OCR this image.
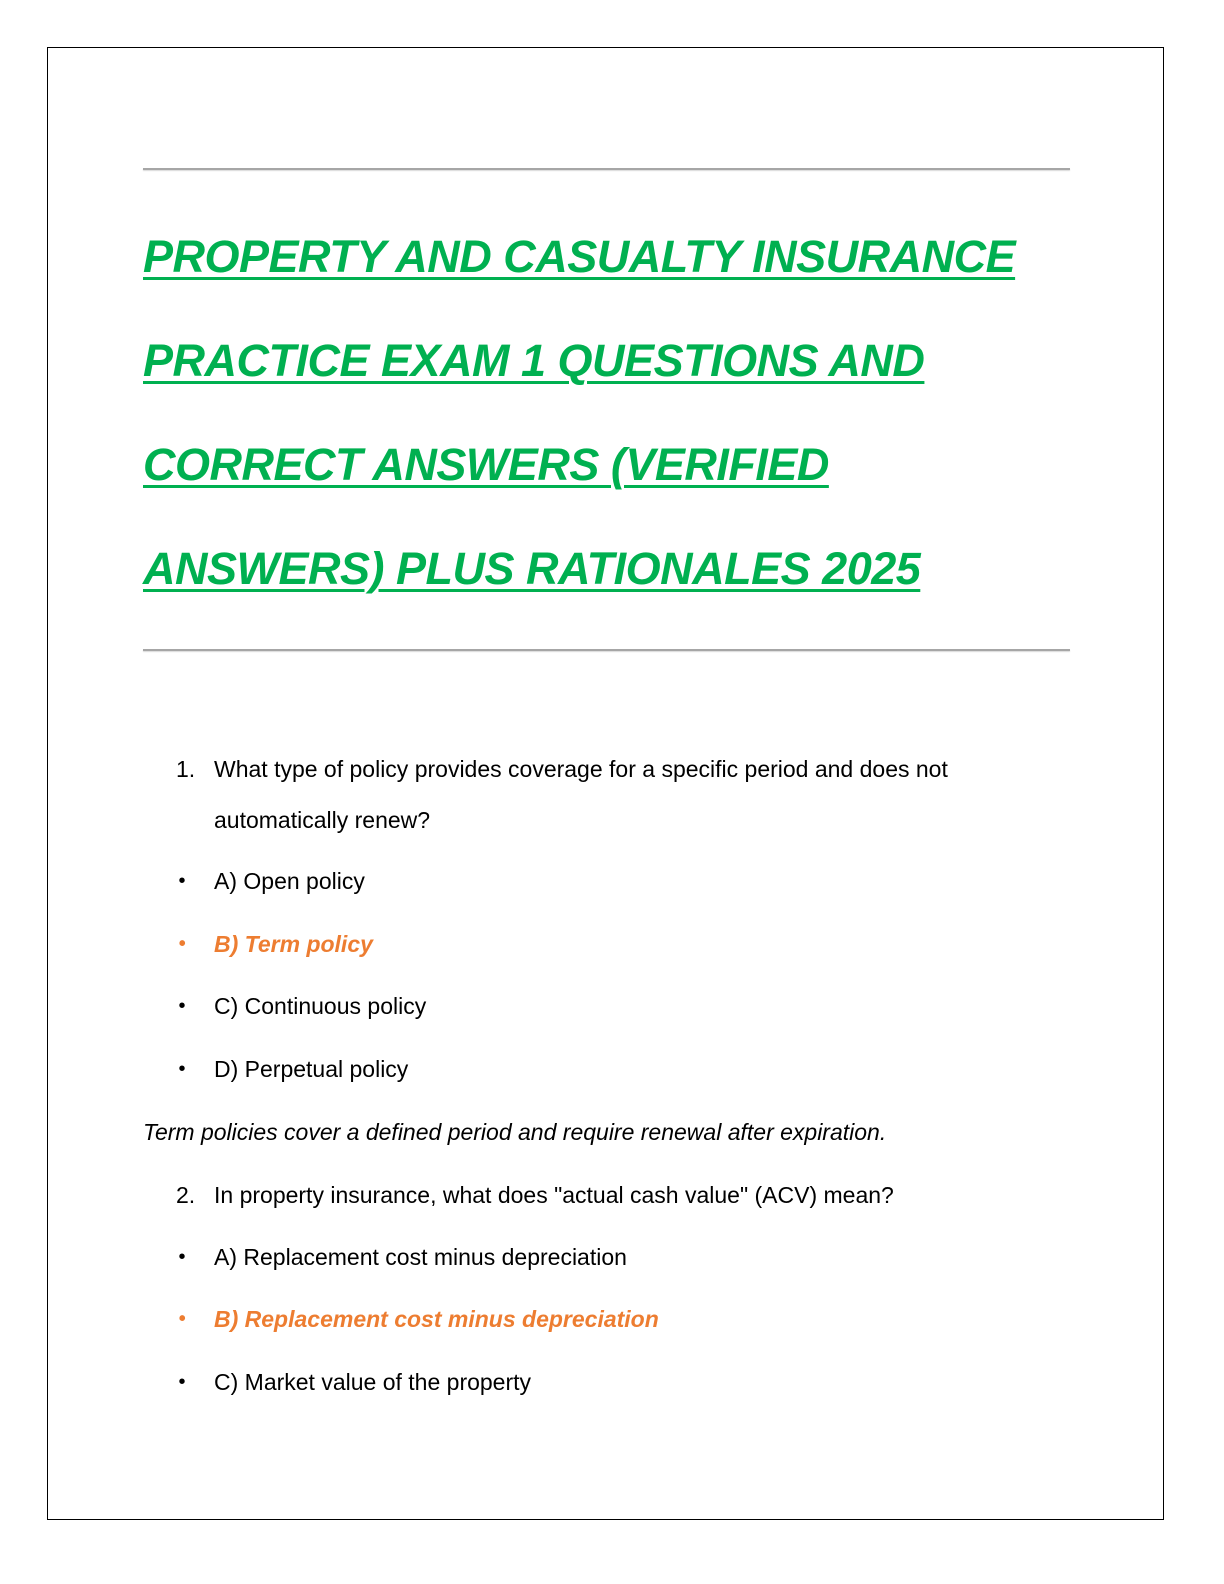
PROPERTY AND CASUALTY INSURANCE
PRACTICE EXAM 1 QUESTIONS AND
CORRECT ANSWERS (VERIFIED
ANSWERS) PLUS RATIONALES 2025
1. What type of policy provides coverage for a specific period and does not automatically renew?
• A) Open policy
• B) Term policy
• C) Continuous policy
• D) Perpetual policy
Term policies cover a defined period and require renewal after expiration.
2. In property insurance, what does "actual cash value" (ACV) mean?
• A) Replacement cost minus depreciation
• B) Replacement cost minus depreciation
• C) Market value of the property
